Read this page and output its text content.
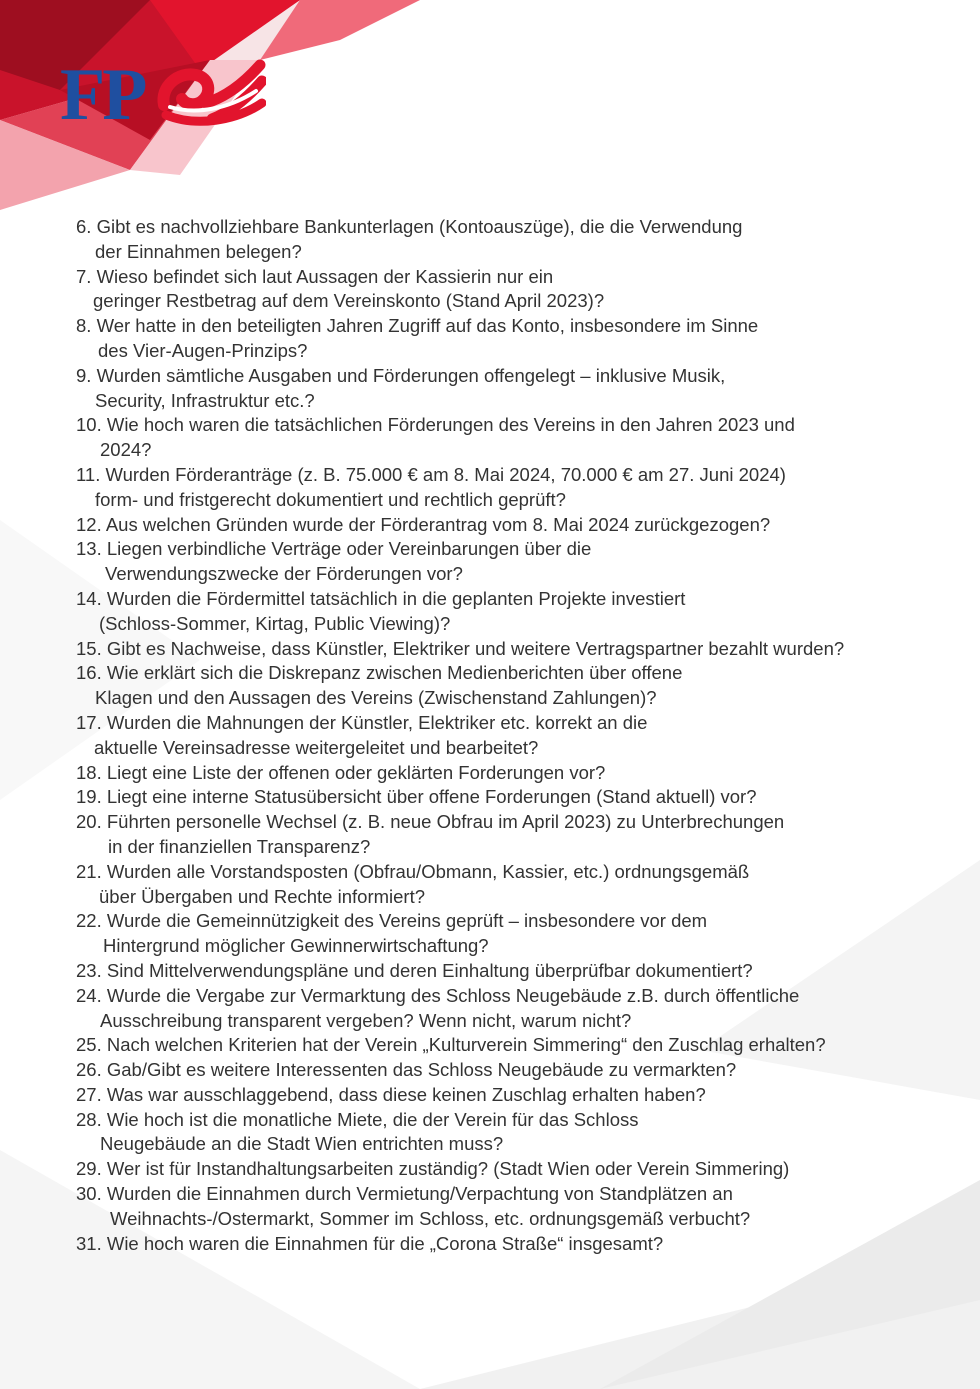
FP
6. Gibt es nachvollziehbare Bankunterlagen (Kontoauszüge), die die Verwendung
der Einnahmen belegen?
7. Wieso befindet sich laut Aussagen der Kassierin nur ein
geringer Restbetrag auf dem Vereinskonto (Stand April 2023)?
8. Wer hatte in den beteiligten Jahren Zugriff auf das Konto, insbesondere im Sinne
des Vier-Augen-Prinzips?
9. Wurden sämtliche Ausgaben und Förderungen offengelegt – inklusive Musik,
Security, Infrastruktur etc.?
10. Wie hoch waren die tatsächlichen Förderungen des Vereins in den Jahren 2023 und
2024?
11. Wurden Förderanträge (z. B. 75.000 € am 8. Mai 2024, 70.000 € am 27. Juni 2024)
form- und fristgerecht dokumentiert und rechtlich geprüft?
12. Aus welchen Gründen wurde der Förderantrag vom 8. Mai 2024 zurückgezogen?
13. Liegen verbindliche Verträge oder Vereinbarungen über die
Verwendungszwecke der Förderungen vor?
14. Wurden die Fördermittel tatsächlich in die geplanten Projekte investiert
(Schloss-Sommer, Kirtag, Public Viewing)?
15. Gibt es Nachweise, dass Künstler, Elektriker und weitere Vertragspartner bezahlt wurden?
16. Wie erklärt sich die Diskrepanz zwischen Medienberichten über offene
Klagen und den Aussagen des Vereins (Zwischenstand Zahlungen)?
17. Wurden die Mahnungen der Künstler, Elektriker etc. korrekt an die
aktuelle Vereinsadresse weitergeleitet und bearbeitet?
18. Liegt eine Liste der offenen oder geklärten Forderungen vor?
19. Liegt eine interne Statusübersicht über offene Forderungen (Stand aktuell) vor?
20. Führten personelle Wechsel (z. B. neue Obfrau im April 2023) zu Unterbrechungen
in der finanziellen Transparenz?
21. Wurden alle Vorstandsposten (Obfrau/Obmann, Kassier, etc.) ordnungsgemäß
über Übergaben und Rechte informiert?
22. Wurde die Gemeinnützigkeit des Vereins geprüft – insbesondere vor dem
Hintergrund möglicher Gewinnerwirtschaftung?
23. Sind Mittelverwendungspläne und deren Einhaltung überprüfbar dokumentiert?
24. Wurde die Vergabe zur Vermarktung des Schloss Neugebäude z.B. durch öffentliche
Ausschreibung transparent vergeben? Wenn nicht, warum nicht?
25. Nach welchen Kriterien hat der Verein „Kulturverein Simmering“ den Zuschlag erhalten?
26. Gab/Gibt es weitere Interessenten das Schloss Neugebäude zu vermarkten?
27. Was war ausschlaggebend, dass diese keinen Zuschlag erhalten haben?
28. Wie hoch ist die monatliche Miete, die der Verein für das Schloss
Neugebäude an die Stadt Wien entrichten muss?
29. Wer ist für Instandhaltungsarbeiten zuständig? (Stadt Wien oder Verein Simmering)
30. Wurden die Einnahmen durch Vermietung/Verpachtung von Standplätzen an
Weihnachts-/Ostermarkt, Sommer im Schloss, etc. ordnungsgemäß verbucht?
31. Wie hoch waren die Einnahmen für die „Corona Straße“ insgesamt?
